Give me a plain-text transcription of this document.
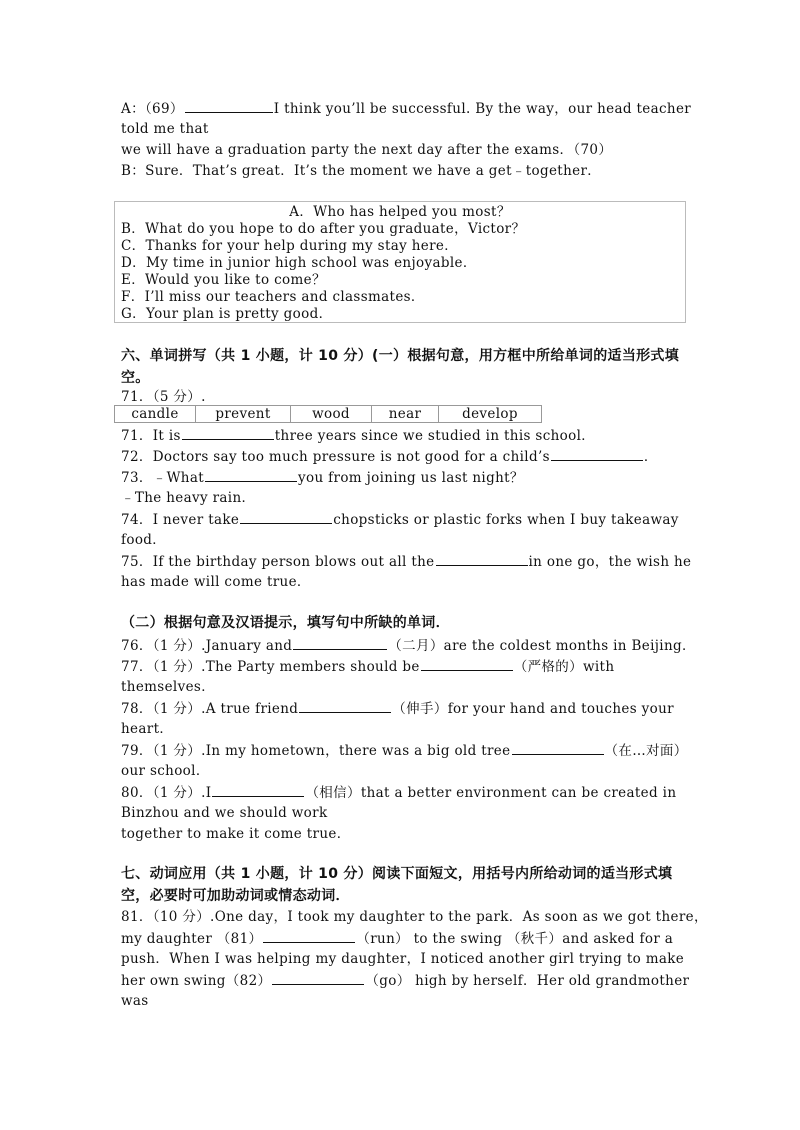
A：（69）	I think you’ll be successful. By the way，our head teacher
told me that
we will have a graduation party the next day after the exams．（70）
B：Sure．That’s great．It’s the moment we have a get﹣together．
A．Who has helped you most？
B．What do you hope to do after you graduate，Victor？
C．Thanks for your help during my stay here．
D．My time in junior high school was enjoyable．
E．Would you like to come？
F．I’ll miss our teachers and classmates．
G．Your plan is pretty good．
六、单词拼写（共 1 小题，计 10 分）(一）根据句意，用方框中所给单词的适当形式填
空。
71．（5 分）.
candle	prevent	wood	near	develop
71．It is	three years since we studied in this school．
72．Doctors say too much pressure is not good for a child’s	．
73．﹣What	you from joining us last night？
﹣The heavy rain．
74．I never take	chopsticks or plastic forks when I buy takeaway
food．
75．If the birthday person blows out all the	in one go，the wish he
has made will come true．
（二）根据句意及汉语提示，填写句中所缺的单词．
76．（1 分）.January and	（二月）are the coldest months in Beijing．
77．（1 分）.The Party members should be	（严格的）with
themselves．
78．（1 分）.A true friend	（伸手）for your hand and touches your
heart．
79．（1 分）.In my hometown，there was a big old tree	（在…对面）
our school．
80．（1 分）.I	（相信）that a better environment can be created in
Binzhou and we should work
together to make it come true．
七、动词应用（共 1 小题，计 10 分）阅读下面短文，用括号内所给动词的适当形式填
空，必要时可加助动词或情态动词．
81．（10 分）.One day，I took my daughter to the park．As soon as we got there，
my daughter （81）	（run） to the swing （秋千）and asked for a
push．When I was helping my daughter，I noticed another girl trying to make
her own swing（82）	（go） high by herself．Her old grandmother
was
